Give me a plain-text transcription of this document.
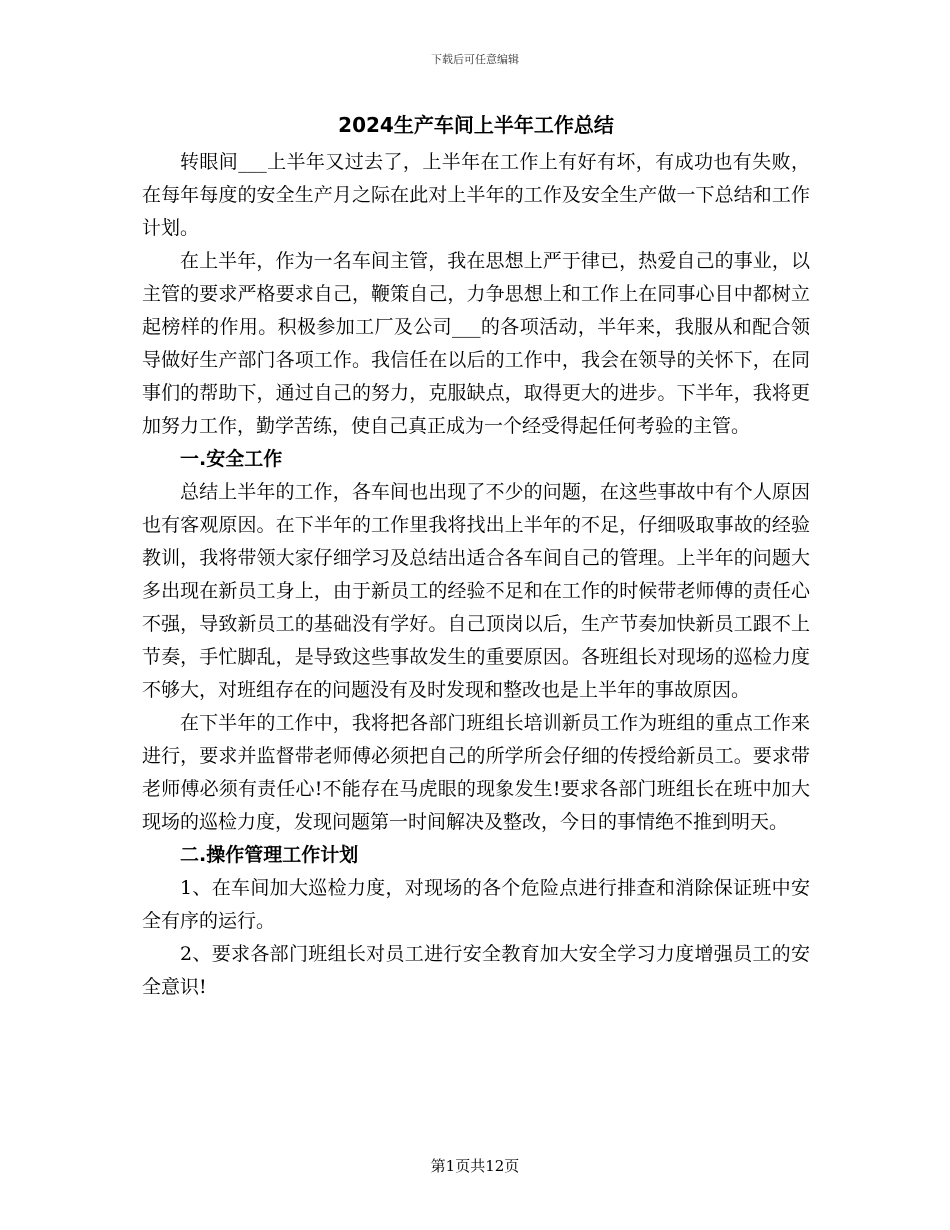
下载后可任意编辑
2024生产车间上半年工作总结

转眼间___上半年又过去了，上半年在工作上有好有坏，有成功也有失败，在每年每度的安全生产月之际在此对上半年的工作及安全生产做一下总结和工作计划。

在上半年，作为一名车间主管，我在思想上严于律已，热爱自己的事业，以主管的要求严格要求自己，鞭策自己，力争思想上和工作上在同事心目中都树立起榜样的作用。积极参加工厂及公司___的各项活动，半年来，我服从和配合领导做好生产部门各项工作。我信任在以后的工作中，我会在领导的关怀下，在同事们的帮助下，通过自己的努力，克服缺点，取得更大的进步。下半年，我将更加努力工作，勤学苦练，使自己真正成为一个经受得起任何考验的主管。

一.安全工作

总结上半年的工作，各车间也出现了不少的问题，在这些事故中有个人原因也有客观原因。在下半年的工作里我将找出上半年的不足，仔细吸取事故的经验教训，我将带领大家仔细学习及总结出适合各车间自己的管理。上半年的问题大多出现在新员工身上，由于新员工的经验不足和在工作的时候带老师傅的责任心不强，导致新员工的基础没有学好。自己顶岗以后，生产节奏加快新员工跟不上节奏，手忙脚乱，是导致这些事故发生的重要原因。各班组长对现场的巡检力度不够大，对班组存在的问题没有及时发现和整改也是上半年的事故原因。

在下半年的工作中，我将把各部门班组长培训新员工作为班组的重点工作来进行，要求并监督带老师傅必须把自己的所学所会仔细的传授给新员工。要求带老师傅必须有责任心!不能存在马虎眼的现象发生!要求各部门班组长在班中加大现场的巡检力度，发现问题第一时间解决及整改，今日的事情绝不推到明天。

二.操作管理工作计划

1、在车间加大巡检力度，对现场的各个危险点进行排查和消除保证班中安全有序的运行。

2、要求各部门班组长对员工进行安全教育加大安全学习力度增强员工的安全意识!

第1页共12页
